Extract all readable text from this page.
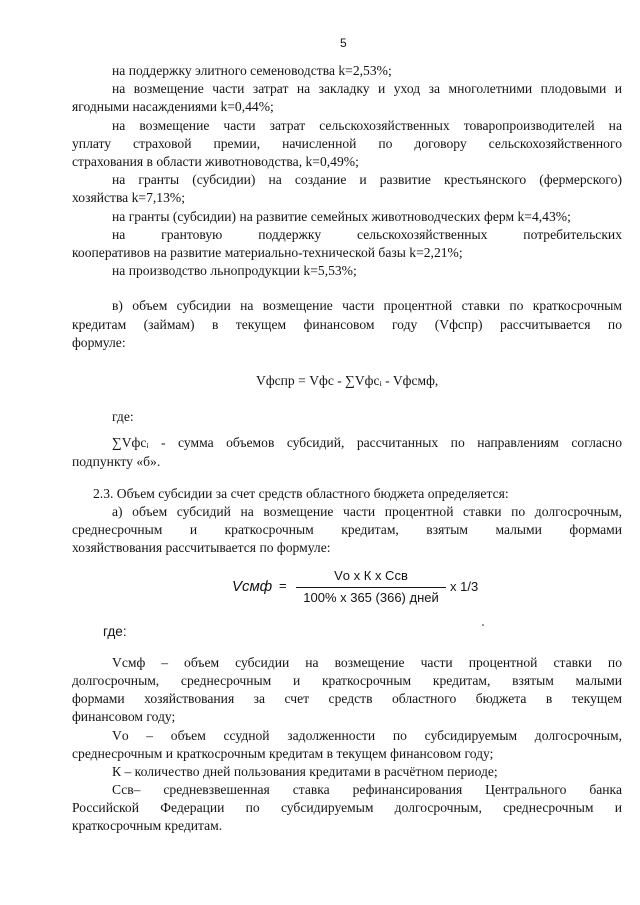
5
на поддержку элитного семеноводства k=2,53%;
на возмещение части затрат на закладку и уход за многолетними плодовыми и
ягодными насаждениями k=0,44%;
на возмещение части затрат сельскохозяйственных товаропроизводителей на
уплату страховой премии, начисленной по договору сельскохозяйственного
страхования в области животноводства, k=0,49%;
на гранты (субсидии) на создание и развитие крестьянского (фермерского)
хозяйства k=7,13%;
на гранты (субсидии) на развитие семейных животноводческих ферм k=4,43%;
на грантовую поддержку сельскохозяйственных потребительских
кооперативов на развитие материально-технической базы k=2,21%;
на производство льнопродукции k=5,53%;
в) объем субсидии на возмещение части процентной ставки по краткосрочным
кредитам (займам) в текущем финансовом году (Vфспр) рассчитывается по
формуле:
Vфспр = Vфс - ∑Vфсᵢ - Vфсмф,
где:
∑Vфсᵢ - сумма объемов субсидий, рассчитанных по направлениям согласно
подпункту «б».
2.3. Объем субсидии за счет средств областного бюджета определяется:
а) объем субсидий на возмещение части процентной ставки по долгосрочным,
среднесрочным и краткосрочным кредитам, взятым малыми формами
хозяйствования рассчитывается по формуле:
Vсмф =
Vо х К х Ссв
100% х 365 (366) дней
х 1/3
где:
Vсмф – объем субсидии на возмещение части процентной ставки по
долгосрочным, среднесрочным и краткосрочным кредитам, взятым малыми
формами хозяйствования за счет средств областного бюджета в текущем
финансовом году;
Vо – объем ссудной задолженности по субсидируемым долгосрочным,
среднесрочным и краткосрочным кредитам в текущем финансовом году;
К – количество дней пользования кредитами в расчётном периоде;
Ссв– средневзвешенная ставка рефинансирования Центрального банка
Российской Федерации по субсидируемым долгосрочным, среднесрочным и
краткосрочным кредитам.
